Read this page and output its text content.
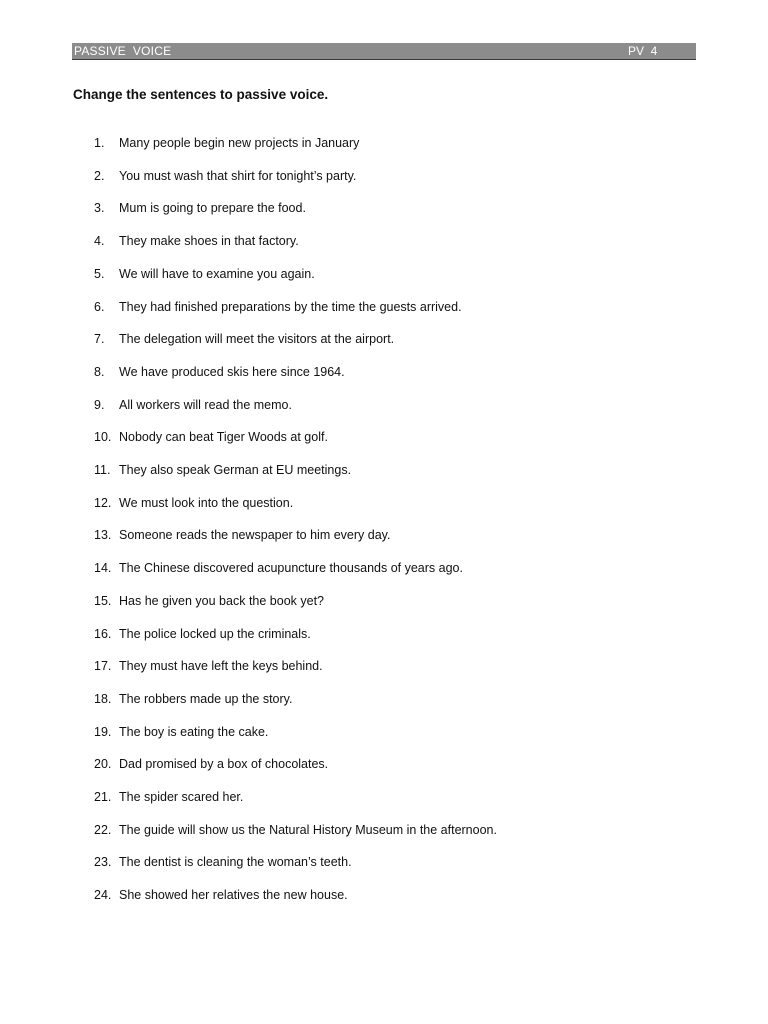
PASSIVE  VOICE	PV  4
Change the sentences to passive voice.
1. Many people begin new projects in January
2. You must wash that shirt for tonight’s party.
3. Mum is going to prepare the food.
4. They make shoes in that factory.
5. We will have to examine you again.
6. They had finished preparations by the time the guests arrived.
7. The delegation will meet the visitors at the airport.
8. We have produced skis here since 1964.
9. All workers will read the memo.
10. Nobody can beat Tiger Woods at golf.
11. They also speak German at EU meetings.
12. We must look into the question.
13. Someone reads the newspaper to him every day.
14. The Chinese discovered acupuncture thousands of years ago.
15. Has he given you back the book yet?
16. The police locked up the criminals.
17. They must have left the keys behind.
18. The robbers made up the story.
19. The boy is eating the cake.
20. Dad promised by a box of chocolates.
21. The spider scared her.
22. The guide will show us the Natural History Museum in the afternoon.
23. The dentist is cleaning the woman’s teeth.
24. She showed her relatives the new house.
